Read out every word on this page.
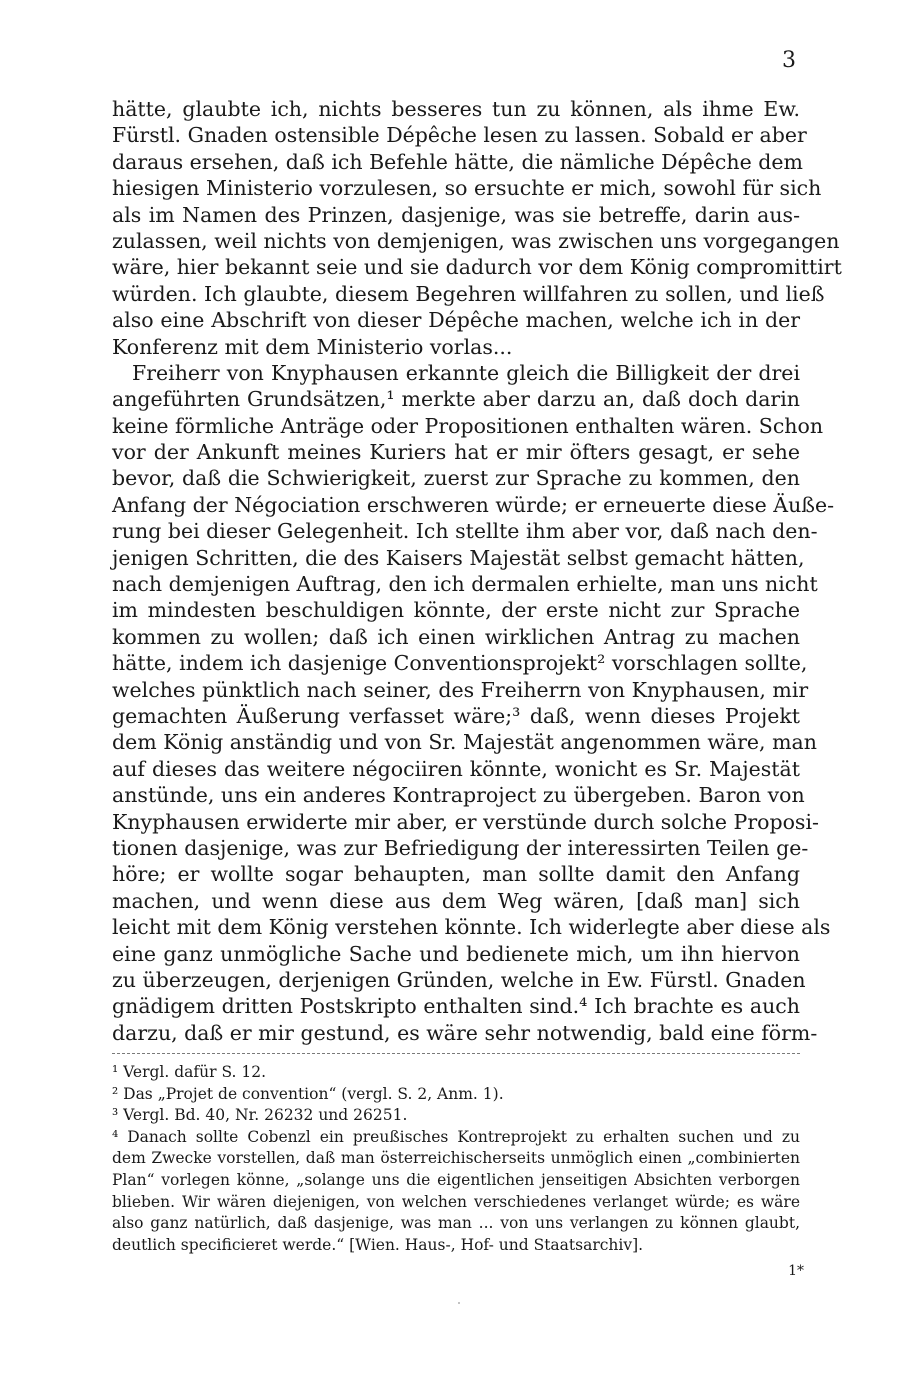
3
hätte, glaubte ich, nichts besseres tun zu können, als ihme Ew.
Fürstl. Gnaden ostensible Dépêche lesen zu lassen. Sobald er aber
daraus ersehen, daß ich Befehle hätte, die nämliche Dépêche dem
hiesigen Ministerio vorzulesen, so ersuchte er mich, sowohl für sich
als im Namen des Prinzen, dasjenige, was sie betreffe, darin aus-
zulassen, weil nichts von demjenigen, was zwischen uns vorgegangen
wäre, hier bekannt seie und sie dadurch vor dem König compromittirt
würden. Ich glaubte, diesem Begehren willfahren zu sollen, und ließ
also eine Abschrift von dieser Dépêche machen, welche ich in der
Konferenz mit dem Ministerio vorlas...
Freiherr von Knyphausen erkannte gleich die Billigkeit der drei
angeführten Grundsätzen,¹ merkte aber darzu an, daß doch darin
keine förmliche Anträge oder Propositionen enthalten wären. Schon
vor der Ankunft meines Kuriers hat er mir öfters gesagt, er sehe
bevor, daß die Schwierigkeit, zuerst zur Sprache zu kommen, den
Anfang der Négociation erschweren würde; er erneuerte diese Äuße-
rung bei dieser Gelegenheit. Ich stellte ihm aber vor, daß nach den-
jenigen Schritten, die des Kaisers Majestät selbst gemacht hätten,
nach demjenigen Auftrag, den ich dermalen erhielte, man uns nicht
im mindesten beschuldigen könnte, der erste nicht zur Sprache
kommen zu wollen; daß ich einen wirklichen Antrag zu machen
hätte, indem ich dasjenige Conventionsprojekt² vorschlagen sollte,
welches pünktlich nach seiner, des Freiherrn von Knyphausen, mir
gemachten Äußerung verfasset wäre;³ daß, wenn dieses Projekt
dem König anständig und von Sr. Majestät angenommen wäre, man
auf dieses das weitere négociiren könnte, wonicht es Sr. Majestät
anstünde, uns ein anderes Kontraproject zu übergeben. Baron von
Knyphausen erwiderte mir aber, er verstünde durch solche Proposi-
tionen dasjenige, was zur Befriedigung der interessirten Teilen ge-
höre; er wollte sogar behaupten, man sollte damit den Anfang
machen, und wenn diese aus dem Weg wären, [daß man] sich
leicht mit dem König verstehen könnte. Ich widerlegte aber diese als
eine ganz unmögliche Sache und bedienete mich, um ihn hiervon
zu überzeugen, derjenigen Gründen, welche in Ew. Fürstl. Gnaden
gnädigem dritten Postskripto enthalten sind.⁴ Ich brachte es auch
darzu, daß er mir gestund, es wäre sehr notwendig, bald eine förm-
¹ Vergl. dafür S. 12.
² Das „Projet de convention“ (vergl. S. 2, Anm. 1).
³ Vergl. Bd. 40, Nr. 26232 und 26251.
⁴ Danach sollte Cobenzl ein preußisches Kontreprojekt zu erhalten suchen und zu
dem Zwecke vorstellen, daß man österreichischerseits unmöglich einen „combinierten
Plan“ vorlegen könne, „solange uns die eigentlichen jenseitigen Absichten verborgen
blieben. Wir wären diejenigen, von welchen verschiedenes verlanget würde; es wäre
also ganz natürlich, daß dasjenige, was man ... von uns verlangen zu können glaubt,
deutlich specificieret werde.“ [Wien. Haus-, Hof- und Staatsarchiv].
1*
